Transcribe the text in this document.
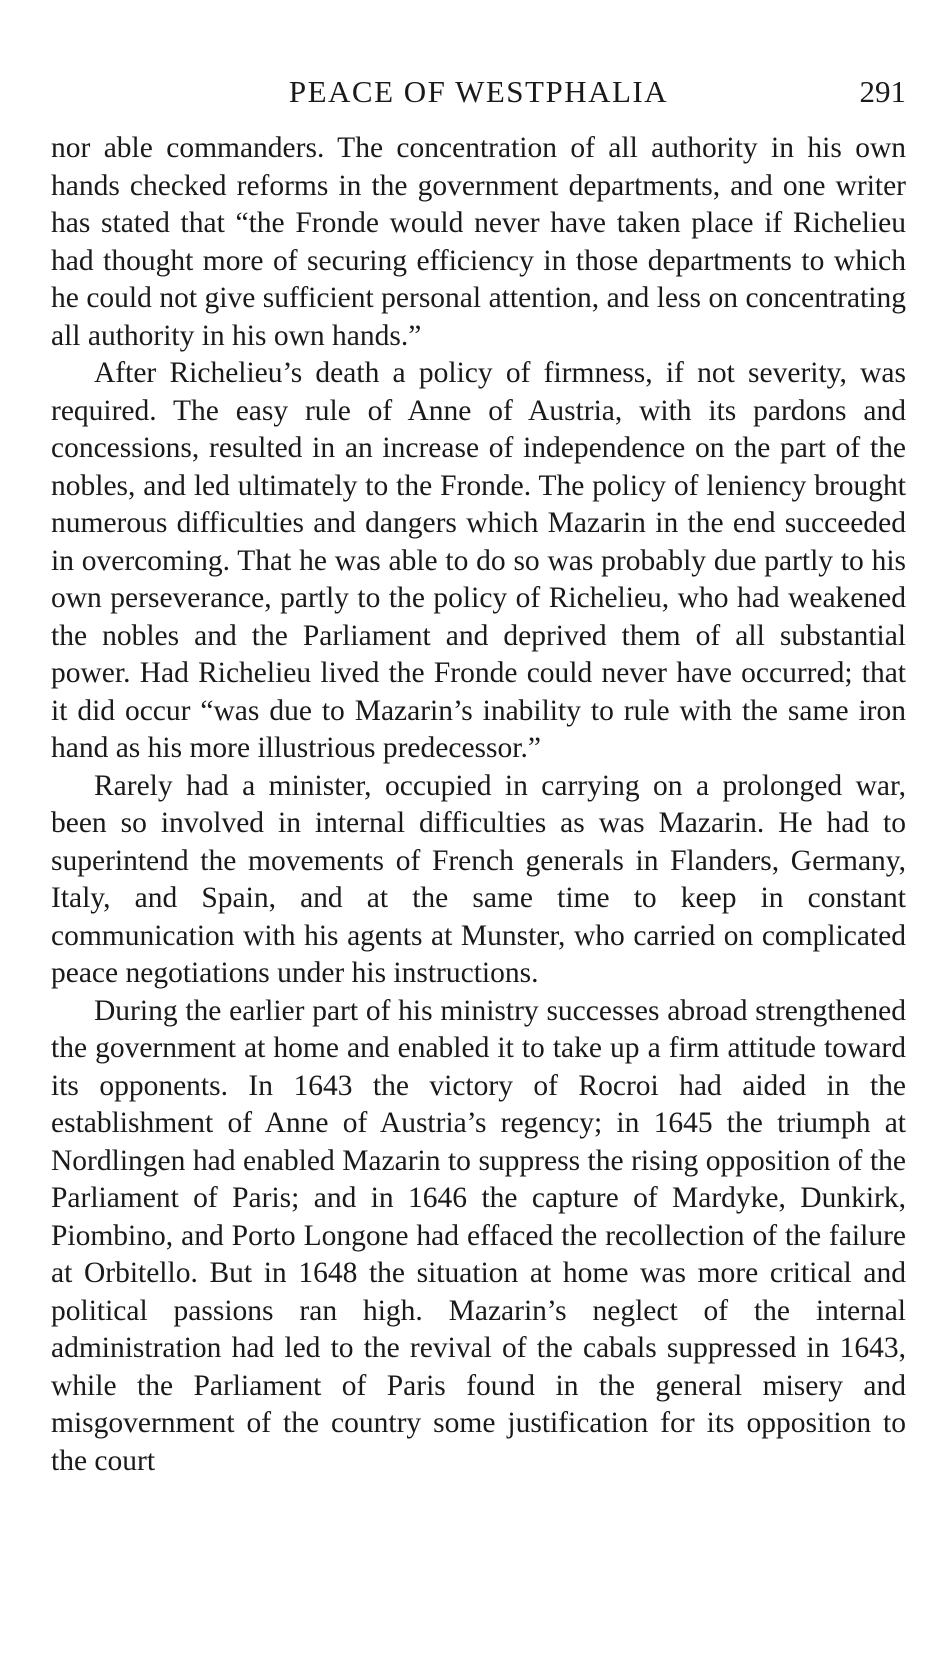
PEACE OF WESTPHALIA	291

nor able commanders. The concentration of all authority in his own hands checked reforms in the government departments, and one writer has stated that “the Fronde would never have taken place if Richelieu had thought more of securing efficiency in those departments to which he could not give sufficient personal attention, and less on concentrating all authority in his own hands.”

After Richelieu’s death a policy of firmness, if not severity, was required. The easy rule of Anne of Austria, with its pardons and concessions, resulted in an increase of independence on the part of the nobles, and led ultimately to the Fronde. The policy of leniency brought numerous difficulties and dangers which Mazarin in the end succeeded in overcoming. That he was able to do so was probably due partly to his own perseverance, partly to the policy of Richelieu, who had weakened the nobles and the Parliament and deprived them of all substantial power. Had Richelieu lived the Fronde could never have occurred; that it did occur “was due to Mazarin’s inability to rule with the same iron hand as his more illustrious predecessor.”

Rarely had a minister, occupied in carrying on a prolonged war, been so involved in internal difficulties as was Mazarin. He had to superintend the movements of French generals in Flanders, Germany, Italy, and Spain, and at the same time to keep in constant communication with his agents at Munster, who carried on complicated peace negotiations under his instructions.

During the earlier part of his ministry successes abroad strengthened the government at home and enabled it to take up a firm attitude toward its opponents. In 1643 the victory of Rocroi had aided in the establishment of Anne of Austria’s regency; in 1645 the triumph at Nordlingen had enabled Mazarin to suppress the rising opposition of the Parliament of Paris; and in 1646 the capture of Mardyke, Dunkirk, Piombino, and Porto Longone had effaced the recollection of the failure at Orbitello. But in 1648 the situation at home was more critical and political passions ran high. Mazarin’s neglect of the internal administration had led to the revival of the cabals suppressed in 1643, while the Parliament of Paris found in the general misery and misgovernment of the country some justification for its opposition to the court
